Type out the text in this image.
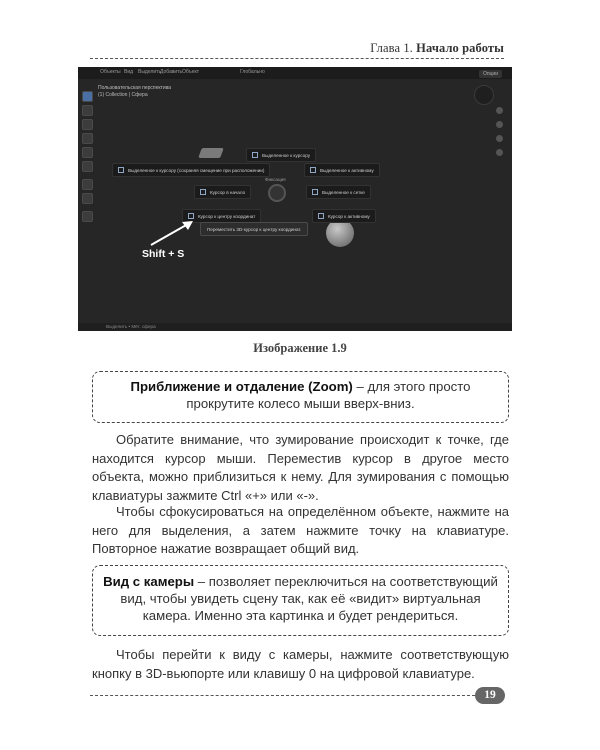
Глава 1. Начало работы
Объекты Вид Выделить
Добавить Объект	Глобально	Опции
Пользовательская перспектива
(1) Collection | Сфера
Фиксация
Выделенное к курсору
Выделенное к курсору (сохраняя смещение при расположении)	Выделенное к активному
Курсор в начало	Выделенное к сетке
Курсор к центру координат	Курсор к активному
Переместить 3D-курсор к центру координат.
Shift + S
Выделить • Мёт. сфера
Изображение 1.9
Приближение и отдаление (Zoom) – для этого просто прокрутите колесо мыши вверх-вниз.

Обратите внимание, что зумирование происходит к точке, где находится курсор мыши. Переместив курсор в другое место объекта, можно приблизиться к нему. Для зумирования с помощью клавиатуры зажмите Ctrl «+» или «-».

Чтобы сфокусироваться на определённом объекте, нажмите на него для выделения, а затем нажмите точку на клавиатуре. Повторное нажатие возвращает общий вид.

Вид с камеры – позволяет переключиться на соответствующий вид, чтобы увидеть сцену так, как её «видит» виртуальная камера. Именно эта картинка и будет рендериться.

Чтобы перейти к виду с камеры, нажмите соответствующую кнопку в 3D-вьюпорте или клавишу 0 на цифровой клавиатуре.

19
